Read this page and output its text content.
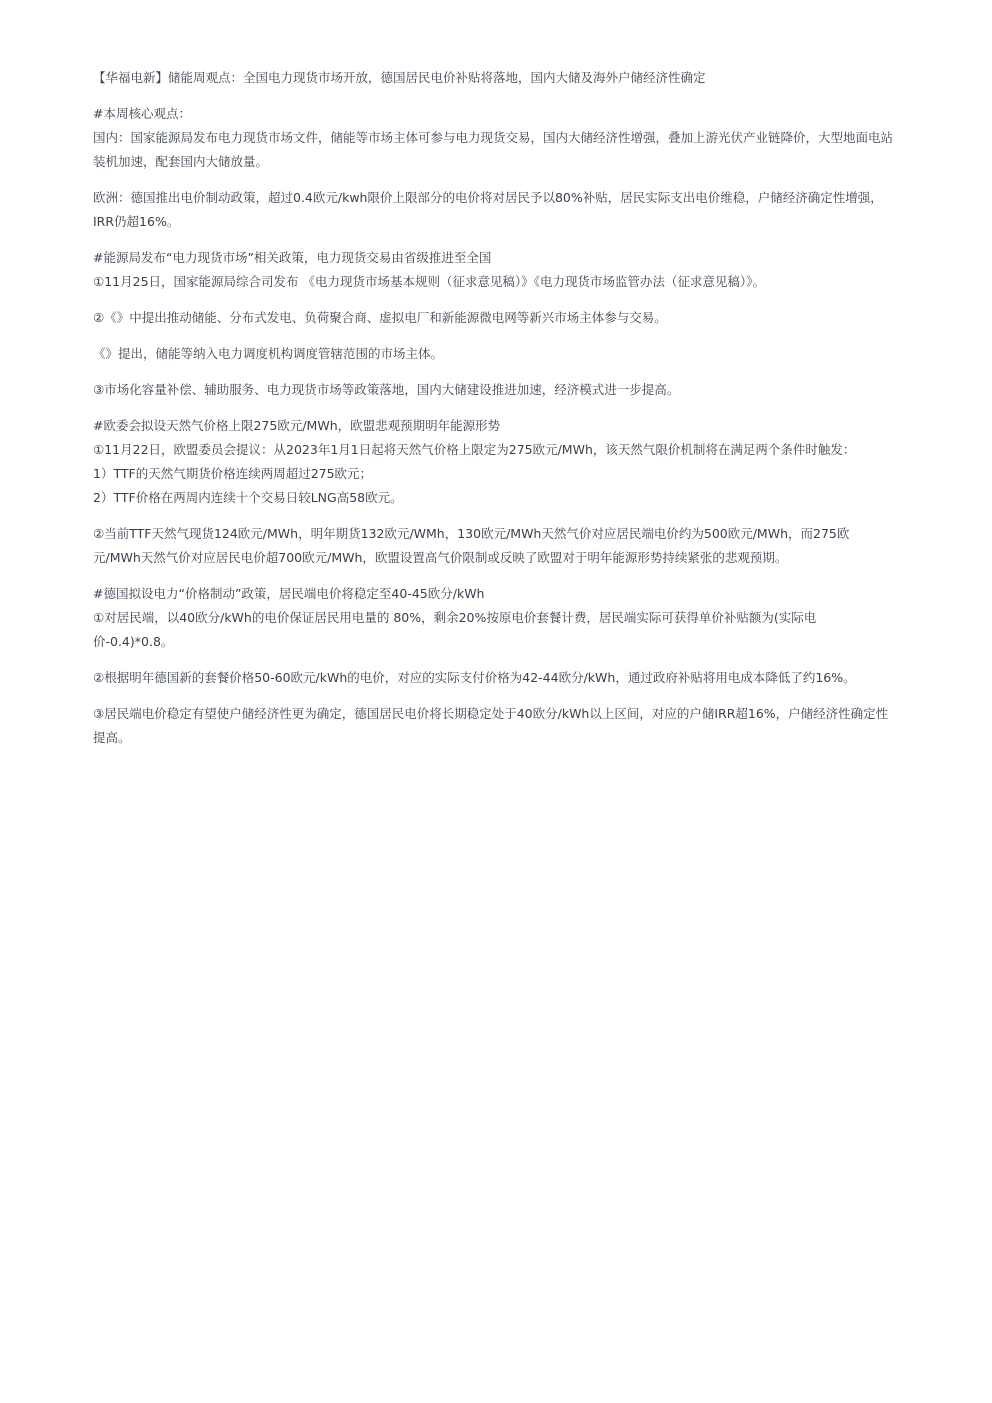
【华福电新】储能周观点：全国电力现货市场开放，德国居民电价补贴将落地，国内大储及海外户储经济性确定
#本周核心观点：
国内：国家能源局发布电力现货市场文件，储能等市场主体可参与电力现货交易，国内大储经济性增强，叠加上游光伏产业链降价，大型地面电站
装机加速，配套国内大储放量。
欧洲：德国推出电价制动政策，超过0.4欧元/kwh限价上限部分的电价将对居民予以80%补贴，居民实际支出电价维稳，户储经济确定性增强，
IRR仍超16%。
#能源局发布“电力现货市场”相关政策，电力现货交易由省级推进至全国
①11月25日，国家能源局综合司发布 《电力现货市场基本规则（征求意见稿）》《电力现货市场监管办法（征求意见稿）》。
②《》中提出推动储能、分布式发电、负荷聚合商、虚拟电厂和新能源微电网等新兴市场主体参与交易。
《》提出，储能等纳入电力调度机构调度管辖范围的市场主体。
③市场化容量补偿、辅助服务、电力现货市场等政策落地，国内大储建设推进加速，经济模式进一步提高。
#欧委会拟设天然气价格上限275欧元/MWh，欧盟悲观预期明年能源形势
①11月22日，欧盟委员会提议：从2023年1月1日起将天然气价格上限定为275欧元/MWh，该天然气限价机制将在满足两个条件时触发：
1）TTF的天然气期货价格连续两周超过275欧元；
2）TTF价格在两周内连续十个交易日较LNG高58欧元。
②当前TTF天然气现货124欧元/MWh，明年期货132欧元/WMh，130欧元/MWh天然气价对应居民端电价约为500欧元/MWh，而275欧
元/MWh天然气价对应居民电价超700欧元/MWh，欧盟设置高气价限制或反映了欧盟对于明年能源形势持续紧张的悲观预期。
#德国拟设电力“价格制动”政策，居民端电价将稳定至40-45欧分/kWh
①对居民端，以40欧分/kWh的电价保证居民用电量的 80%，剩余20%按原电价套餐计费，居民端实际可获得单价补贴额为(实际电
价-0.4)*0.8。
②根据明年德国新的套餐价格50-60欧元/kWh的电价，对应的实际支付价格为42-44欧分/kWh，通过政府补贴将用电成本降低了约16%。
③居民端电价稳定有望使户储经济性更为确定，德国居民电价将长期稳定处于40欧分/kWh以上区间，对应的户储IRR超16%，户储经济性确定性
提高。
